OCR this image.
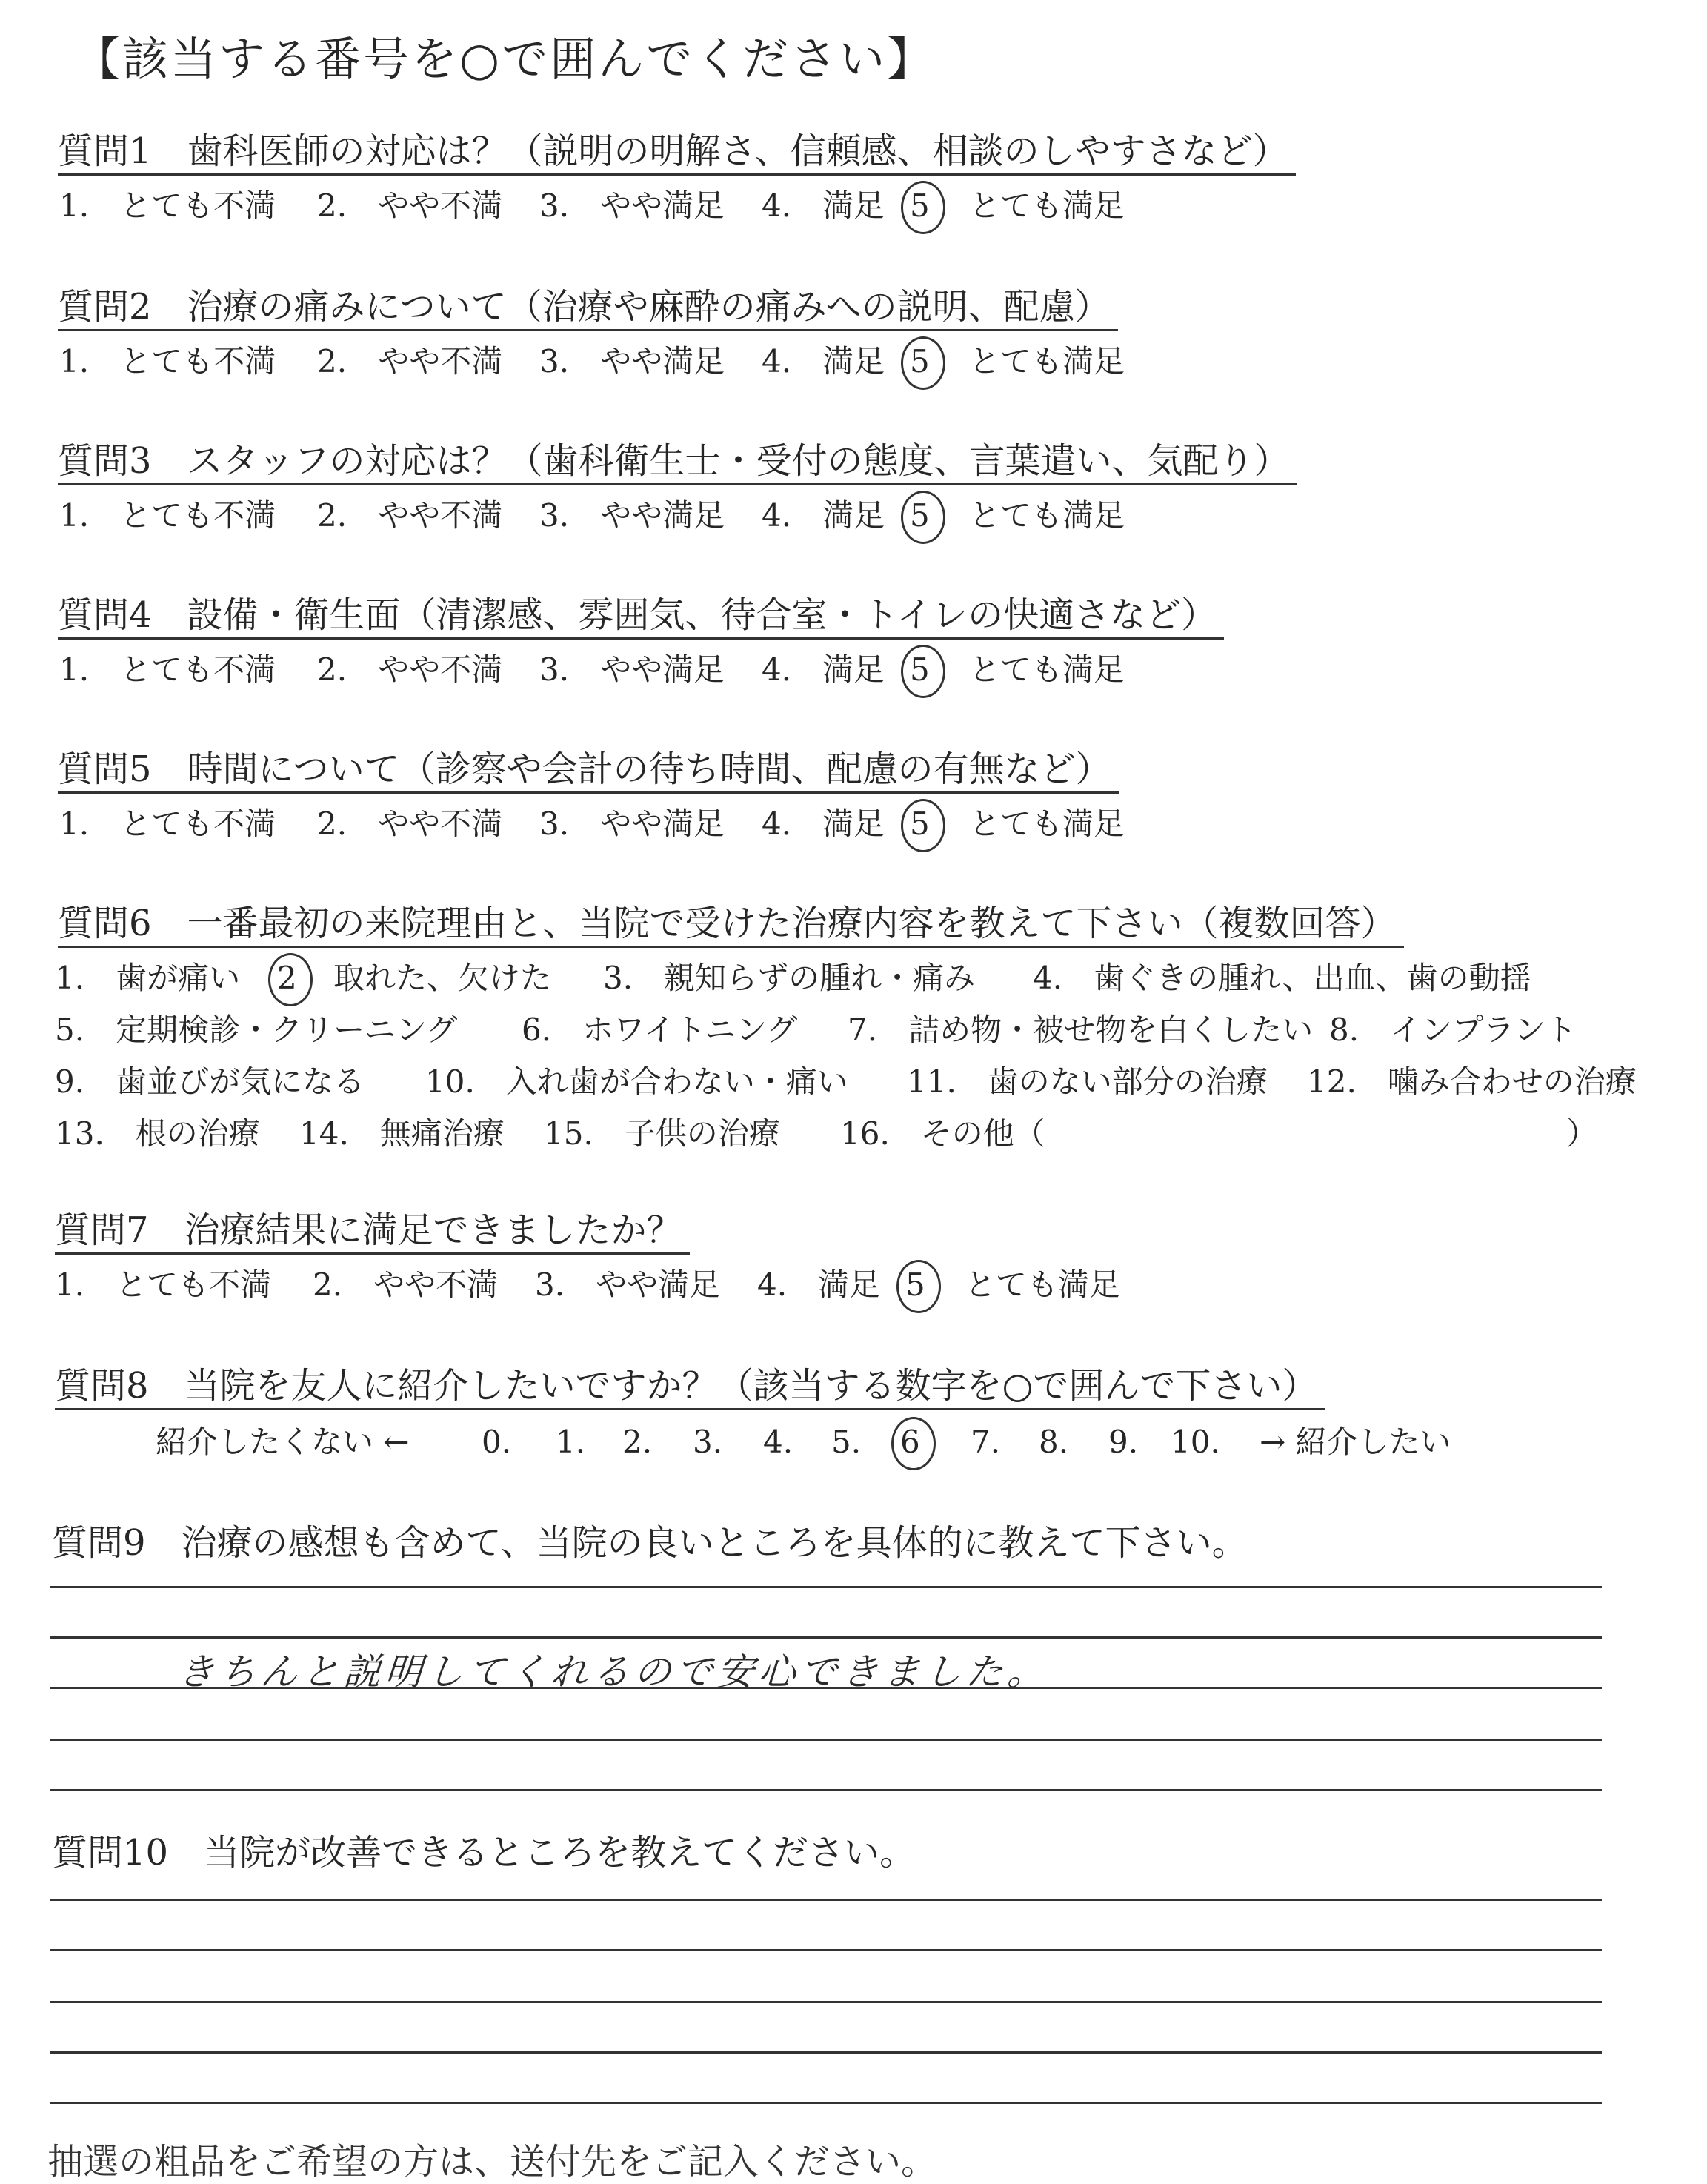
【該当する番号を○で囲んでください】
質問1　歯科医師の対応は？（説明の明解さ、信頼感、相談のしやすさなど）
1.　とても不満 2.　やや不満 3.　やや満足 4.　満足 5 とても満足
質問2　治療の痛みについて（治療や麻酔の痛みへの説明、配慮）
1.　とても不満 2.　やや不満 3.　やや満足 4.　満足 5 とても満足
質問3　スタッフの対応は？（歯科衛生士・受付の態度、言葉遣い、気配り）
1.　とても不満 2.　やや不満 3.　やや満足 4.　満足 5 とても満足
質問4　設備・衛生面（清潔感、雰囲気、待合室・トイレの快適さなど）
1.　とても不満 2.　やや不満 3.　やや満足 4.　満足 5 とても満足
質問5　時間について（診察や会計の待ち時間、配慮の有無など）
1.　とても不満 2.　やや不満 3.　やや満足 4.　満足 5 とても満足
質問6　一番最初の来院理由と、当院で受けた治療内容を教えて下さい（複数回答）
1.　歯が痛い 2 取れた、欠けた 3.　親知らずの腫れ・痛み 4.　歯ぐきの腫れ、出血、歯の動揺
5.　定期検診・クリーニング 6.　ホワイトニング 7.　詰め物・被せ物を白くしたい 8.　インプラント
9.　歯並びが気になる 10.　入れ歯が合わない・痛い 11.　歯のない部分の治療 12.　噛み合わせの治療
13.　根の治療 14.　無痛治療 15.　子供の治療 16.　その他（	）
質問7　治療結果に満足できましたか？
1.　とても不満 2.　やや不満 3.　やや満足 4.　満足 5 とても満足
質問8　当院を友人に紹介したいですか？（該当する数字を○で囲んで下さい）
紹介したくない ← 0. 1. 2. 3. 4. 5. 6 7. 8. 9. 10. → 紹介したい
質問9　治療の感想も含めて、当院の良いところを具体的に教えて下さい。
きちんと説明してくれるので安心できました。
質問10　当院が改善できるところを教えてください。
抽選の粗品をご希望の方は、送付先をご記入ください。
